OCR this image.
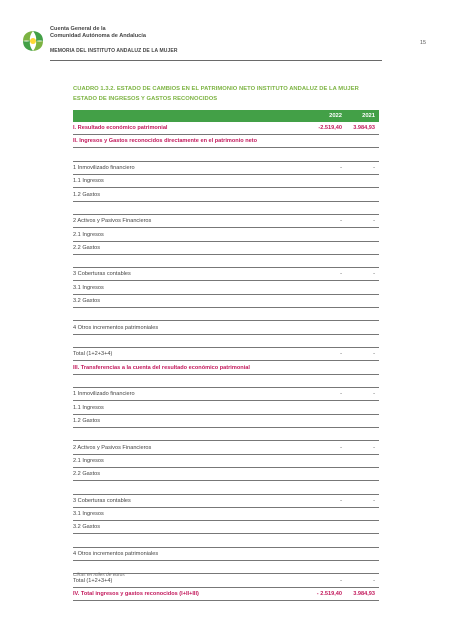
Cuenta General de la
Comunidad Autónoma de Andalucía
15
MEMORIA DEL INSTITUTO ANDALUZ DE LA MUJER
CUADRO 1.3.2. ESTADO DE CAMBIOS EN EL PATRIMONIO NETO INSTITUTO ANDALUZ DE LA MUJER
ESTADO DE INGRESOS Y GASTOS RECONOCIDOS
2022	2021
I. Resultado económico patrimonial	-2.519,40 3.984,93
II. Ingresos y Gastos reconocidos directamente en el patrimonio neto
1 Inmovilizado financiero	-	-
1.1 Ingresos
1.2 Gastos
2 Activos y Pasivos Financieros	-	-
2.1 Ingresos
2.2 Gastos
3 Coberturas contables	-	-
3.1 Ingresos
3.2 Gastos
4 Otros incrementos patrimoniales
Total (1+2+3+4)	-	-
III. Transferencias a la cuenta del resultado económico patrimonial
1 Inmovilizado financiero	-	-
1.1 Ingresos
1.2 Gastos
2 Activos y Pasivos Financieros	-	-
2.1 Ingresos
2.2 Gastos
3 Coberturas contables	-	-
3.1 Ingresos
3.2 Gastos
4 Otros incrementos patrimoniales
Total (1+2+3+4)	-	-
IV. Total ingresos y gastos reconocidos (I+II+III)	- 2.519,40 3.984,93
Cifras en miles de euros
